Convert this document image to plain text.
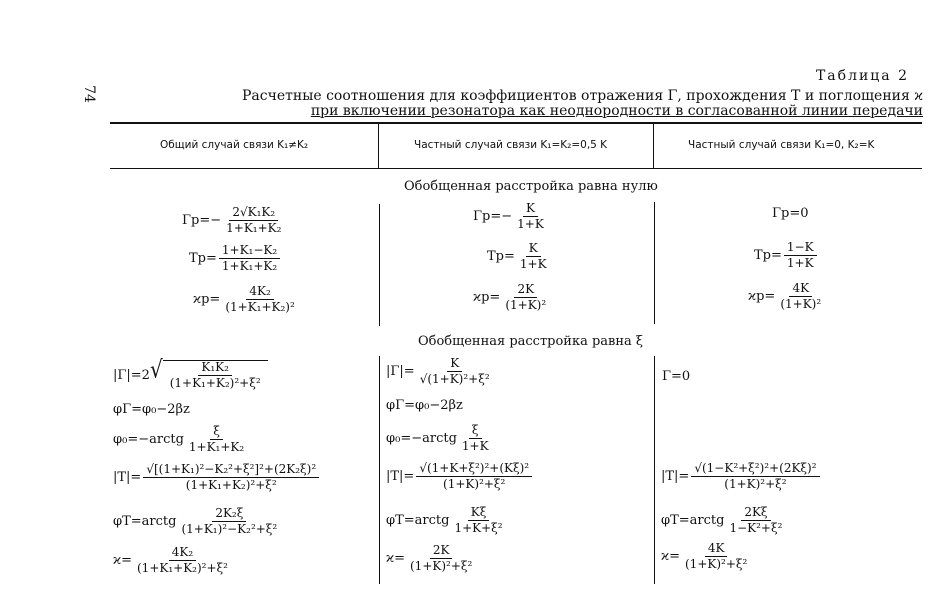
74
Таблица 2
Расчетные соотношения для коэффициентов отражения Γ, прохождения T и поглощения ϰ
при включении резонатора как неоднородности в согласованной линии передачи
Общий случай связи K₁≠K₂	Частный случай связи K₁=K₂=0,5 K	Частный случай связи K₁=0, K₂=K
Обобщенная расстройка равна нулю
$\Gamma р=- \frac{\text{2√K₁K₂}}{\text{1+K₁+K₂}}$
$Tр= \frac{\text{1+K₁−K₂}}{\text{1+K₁+K₂}}$
$ϰр= \frac{\text{4K₂}}{\text{(1+K₁+K₂)²}}$
$\Gamma р=- \frac{K}{1+K}$
$Tр= \frac{K}{1+K}$
$ϰр= \frac{2K}{\text{(1+K)²}}$
Γр=0
$Tр= \frac{1-K}{1+K}$
$ϰр= \frac{4K}{\text{(1+K)²}}$
Обобщенная расстройка равна ξ
|Γ|=2 √ $\frac{\text{K₁K₂}}{\text{(1+K₁+K₂)²+ξ²}}$
φΓ=φ₀−2βz
φ₀=−arctg $\frac{\xi}{\text{1+K₁+K₂}}$
$|T|= \frac{\text{√[(1+K₁)²−K₂²+ξ²]²+(2K₂ξ)²}}{\text{(1+K₁+K₂)²+ξ²}}$
φT=arctg $\frac{\text{2K₂ξ}}{\text{(1+K₁)²−K₂²+ξ²}}$
$ϰ= \frac{\text{4K₂}}{\text{(1+K₁+K₂)²+ξ²}}$
$|\Gamma|= \frac{K}{\text{√(1+K)²+ξ²}}$
φΓ=φ₀−2βz
φ₀=−arctg $\frac{\xi}{1+K}$
$|T|= \frac{\text{√(1+K+ξ²)²+(Kξ)²}}{\text{(1+K)²+ξ²}}$
φT=arctg $\frac{K\xi}{\text{1+K+ξ²}}$
$ϰ= \frac{2K}{\text{(1+K)²+ξ²}}$
Γ=0
$|T|= \frac{\text{√(1−K²+ξ²)²+(2Kξ)²}}{\text{(1+K)²+ξ²}}$
φT=arctg $\frac{2K\xi}{\text{1−K²+ξ²}}$
$ϰ= \frac{4K}{\text{(1+K)²+ξ²}}$
